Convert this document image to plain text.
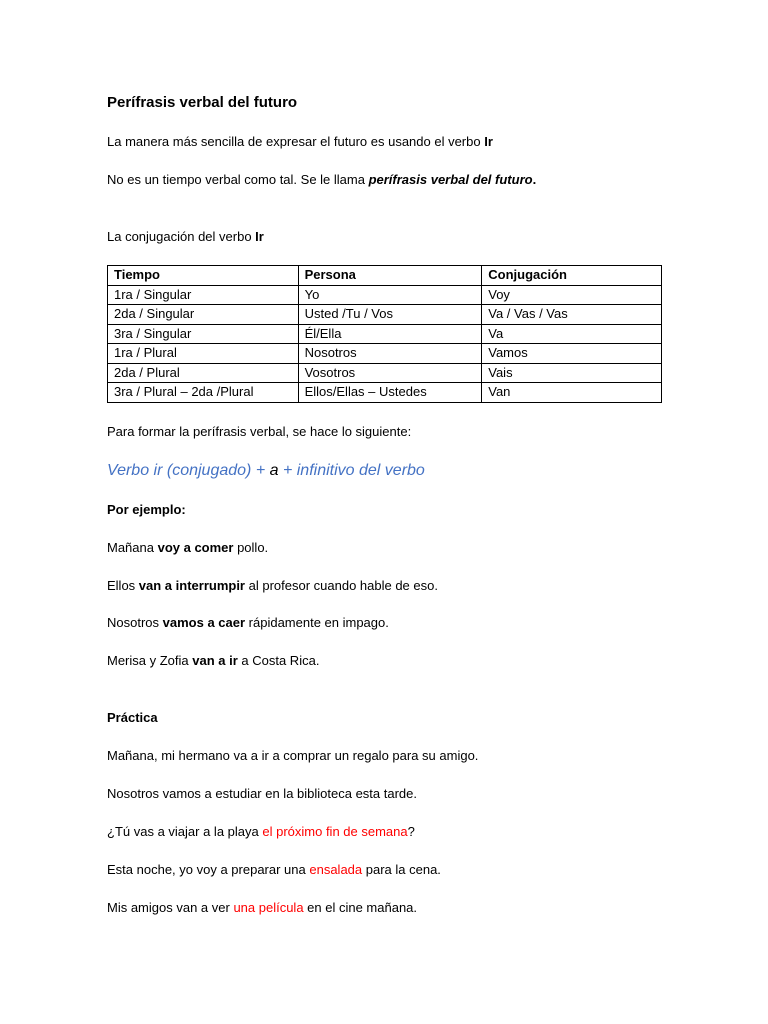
Perífrasis verbal del futuro
La manera más sencilla de expresar el futuro es usando el verbo Ir
No es un tiempo verbal como tal. Se le llama perífrasis verbal del futuro.
La conjugación del verbo Ir
Tiempo	Persona	Conjugación
1ra / Singular	Yo	Voy
2da / Singular	Usted /Tu / Vos	Va / Vas / Vas
3ra / Singular	Él/Ella	Va
1ra / Plural	Nosotros	Vamos
2da / Plural	Vosotros	Vais
3ra / Plural – 2da /Plural	Ellos/Ellas – Ustedes	Van
Para formar la perífrasis verbal, se hace lo siguiente:
Verbo ir (conjugado) + a + infinitivo del verbo
Por ejemplo:
Mañana voy a comer pollo.
Ellos van a interrumpir al profesor cuando hable de eso.
Nosotros vamos a caer rápidamente en impago.
Merisa y Zofia van a ir a Costa Rica.
Práctica
Mañana, mi hermano va a ir a comprar un regalo para su amigo.
Nosotros vamos a estudiar en la biblioteca esta tarde.
¿Tú vas a viajar a la playa el próximo fin de semana?
Esta noche, yo voy a preparar una ensalada para la cena.
Mis amigos van a ver una película en el cine mañana.
